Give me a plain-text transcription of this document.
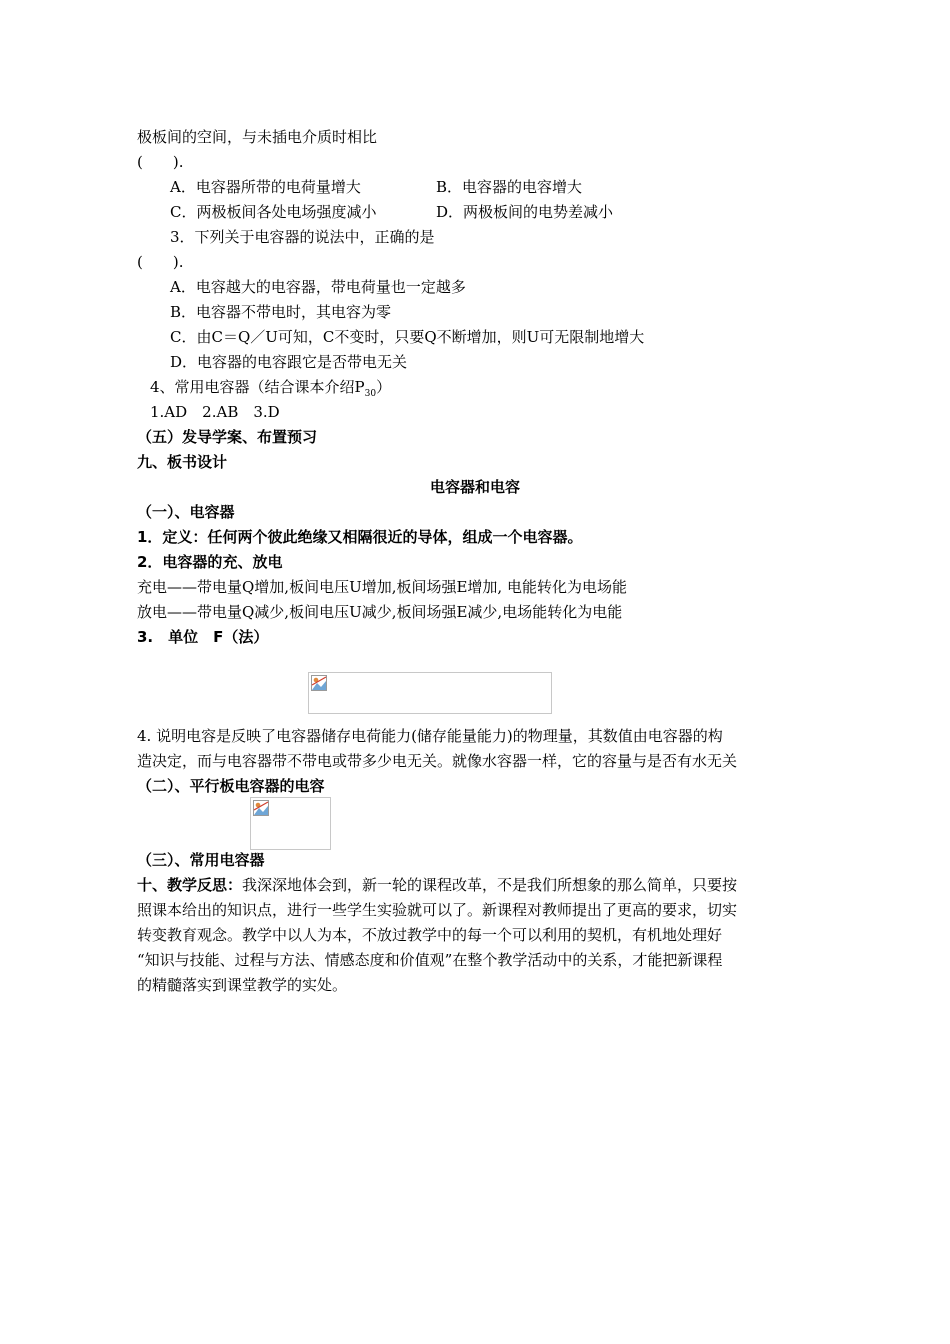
极板间的空间，与未插电介质时相比
(　　).
A．电容器所带的电荷量增大	B．电容器的电容增大
C．两极板间各处电场强度减小	D．两极板间的电势差减小
3．下列关于电容器的说法中，正确的是
(　　).
A．电容越大的电容器，带电荷量也一定越多
B．电容器不带电时，其电容为零
C．由C＝Q／U可知，C不变时，只要Q不断增加，则U可无限制地增大
D．电容器的电容跟它是否带电无关
4、常用电容器（结合课本介绍$P_{30}$）
1.AD　2.AB　3.D
（五）发导学案、布置预习
九、板书设计
电容器和电容
（一）、电容器
1．定义：任何两个彼此绝缘又相隔很近的导体，组成一个电容器。
2．电容器的充、放电
充电——带电量Q增加,板间电压U增加,板间场强E增加, 电能转化为电场能
放电——带电量Q减少,板间电压U减少,板间场强E减少,电场能转化为电能
3.　单位　F（法）
4. 说明电容是反映了电容器储存电荷能力(储存能量能力)的物理量，其数值由电容器的构
造决定，而与电容器带不带电或带多少电无关。就像水容器一样，它的容量与是否有水无关
（二）、平行板电容器的电容
（三）、常用电容器
十、教学反思：我深深地体会到，新一轮的课程改革，不是我们所想象的那么简单，只要按
照课本给出的知识点，进行一些学生实验就可以了。新课程对教师提出了更高的要求，切实
转变教育观念。教学中以人为本，不放过教学中的每一个可以利用的契机，有机地处理好
“知识与技能、过程与方法、情感态度和价值观”在整个教学活动中的关系，才能把新课程
的精髓落实到课堂教学的实处。
